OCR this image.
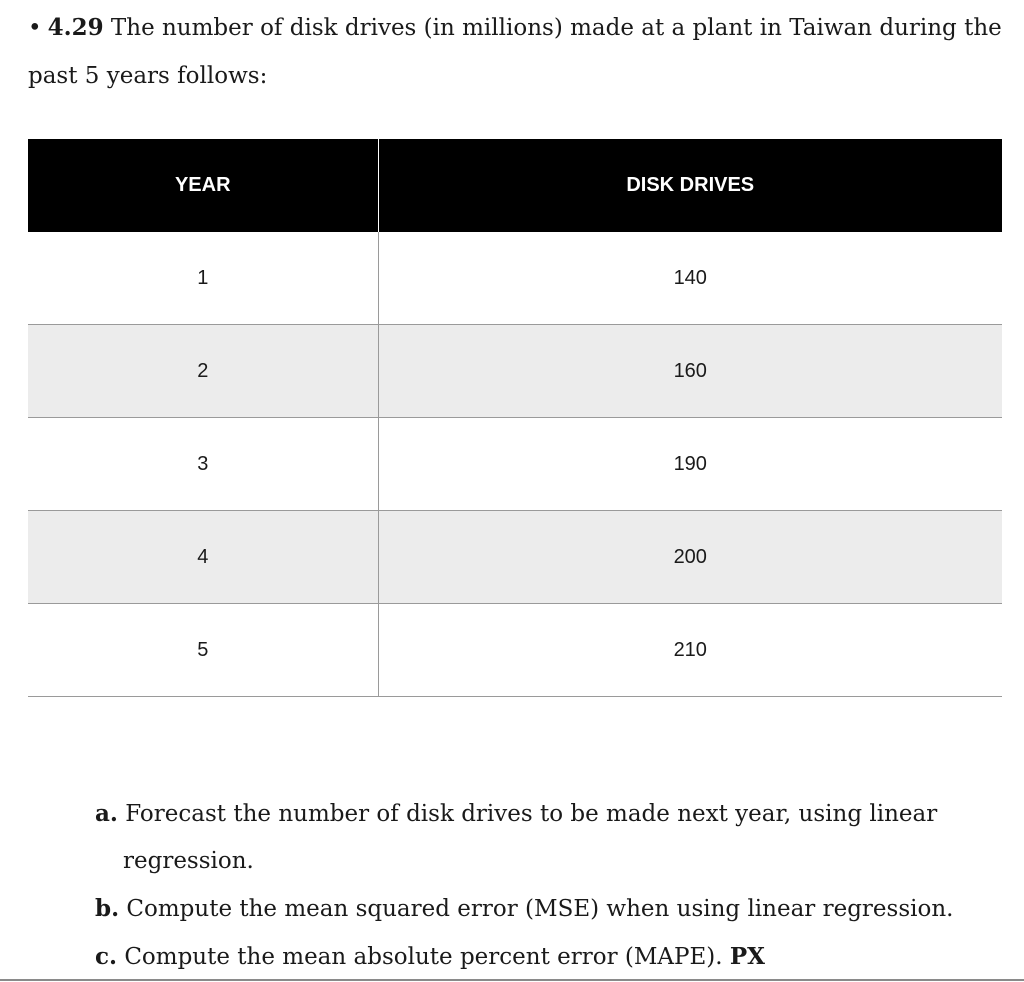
• 4.29 The number of disk drives (in millions) made at a plant in Taiwan during the past 5 years follows:

YEAR	DISK DRIVES
1	140
2	160
3	190
4	200
5	210

a. Forecast the number of disk drives to be made next year, using linear regression.

b. Compute the mean squared error (MSE) when using linear regression.

c. Compute the mean absolute percent error (MAPE). PX
